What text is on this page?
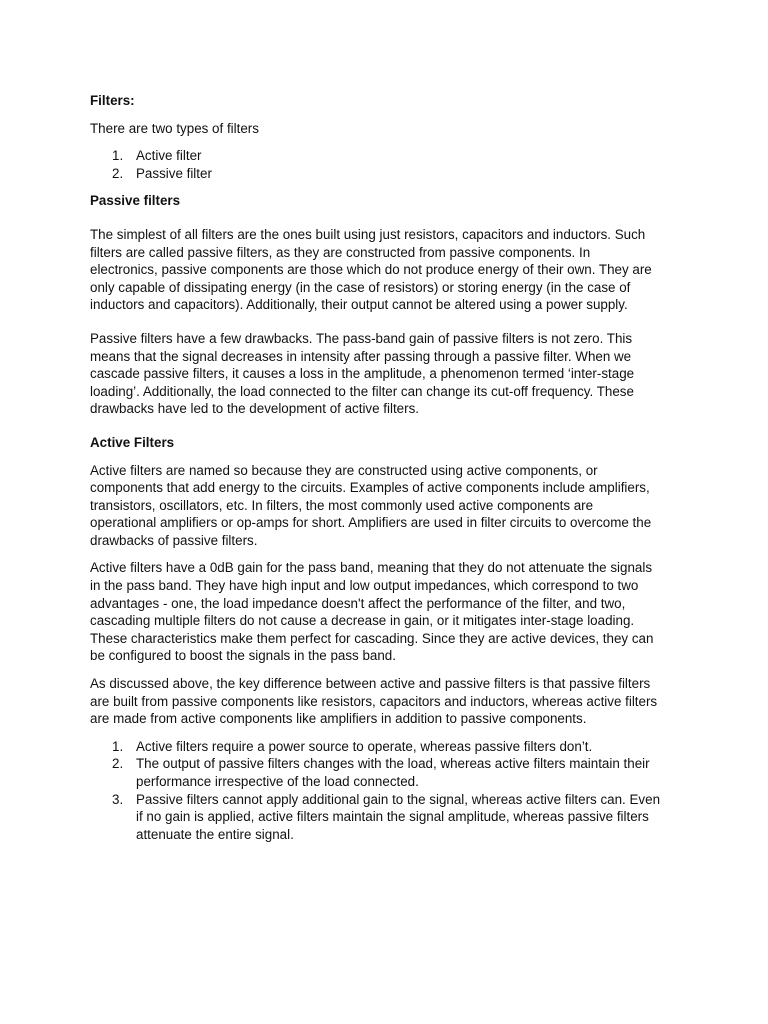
Filters:

There are two types of filters

1. Active filter
2. Passive filter

Passive filters

The simplest of all filters are the ones built using just resistors, capacitors and inductors. Such
filters are called passive filters, as they are constructed from passive components. In
electronics, passive components are those which do not produce energy of their own. They are
only capable of dissipating energy (in the case of resistors) or storing energy (in the case of
inductors and capacitors). Additionally, their output cannot be altered using a power supply.

Passive filters have a few drawbacks. The pass-band gain of passive filters is not zero. This
means that the signal decreases in intensity after passing through a passive filter. When we
cascade passive filters, it causes a loss in the amplitude, a phenomenon termed ‘inter-stage
loading’. Additionally, the load connected to the filter can change its cut-off frequency. These
drawbacks have led to the development of active filters.

Active Filters

Active filters are named so because they are constructed using active components, or
components that add energy to the circuits. Examples of active components include amplifiers,
transistors, oscillators, etc. In filters, the most commonly used active components are
operational amplifiers or op-amps for short. Amplifiers are used in filter circuits to overcome the
drawbacks of passive filters.

Active filters have a 0dB gain for the pass band, meaning that they do not attenuate the signals
in the pass band. They have high input and low output impedances, which correspond to two
advantages - one, the load impedance doesn't affect the performance of the filter, and two,
cascading multiple filters do not cause a decrease in gain, or it mitigates inter-stage loading.
These characteristics make them perfect for cascading. Since they are active devices, they can
be configured to boost the signals in the pass band.

As discussed above, the key difference between active and passive filters is that passive filters
are built from passive components like resistors, capacitors and inductors, whereas active filters
are made from active components like amplifiers in addition to passive components.

1. Active filters require a power source to operate, whereas passive filters don’t.
2. The output of passive filters changes with the load, whereas active filters maintain their
performance irrespective of the load connected.
3. Passive filters cannot apply additional gain to the signal, whereas active filters can. Even
if no gain is applied, active filters maintain the signal amplitude, whereas passive filters
attenuate the entire signal.
